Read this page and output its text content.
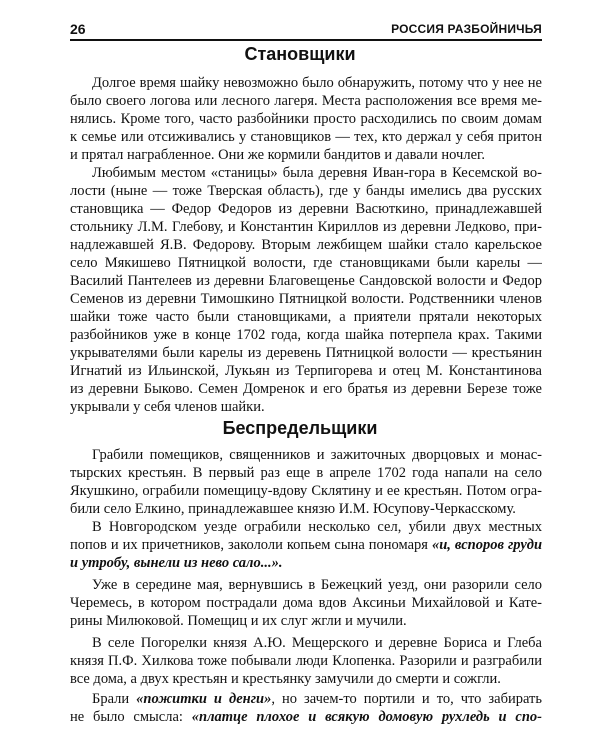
26	РОССИЯ РАЗБОЙНИЧЬЯ
Становщики
Долгое время шайку невозможно было обнаружить, потому что у нее не
было своего логова или лесного лагеря. Места расположения все время ме-
нялись. Кроме того, часто разбойники просто расходились по своим домам
к семье или отсиживались у становщиков — тех, кто держал у себя притон
и прятал награбленное. Они же кормили бандитов и давали ночлег.
Любимым местом «станицы» была деревня Иван-гора в Кесемской во-
лости (ныне — тоже Тверская область), где у банды имелись два русских
становщика — Федор Федоров из деревни Васюткино, принадлежавшей
стольнику Л.М. Глебову, и Константин Кириллов из деревни Ледково, при-
надлежавшей Я.В. Федорову. Вторым лежбищем шайки стало карельское
село Мякишево Пятницкой волости, где становщиками были карелы —
Василий Пантелеев из деревни Благовещенье Сандовской волости и Федор
Семенов из деревни Тимошкино Пятницкой волости. Родственники членов
шайки тоже часто были становщиками, а приятели прятали некоторых
разбойников уже в конце 1702 года, когда шайка потерпела крах. Такими
укрывателями были карелы из деревень Пятницкой волости — крестьянин
Игнатий из Ильинской, Лукьян из Терпигорева и отец М. Константинова
из деревни Быково. Семен Домренок и его братья из деревни Березе тоже
укрывали у себя членов шайки.
Беспредельщики
Грабили помещиков, священников и зажиточных дворцовых и монас-
тырских крестьян. В первый раз еще в апреле 1702 года напали на село
Якушкино, ограбили помещицу-вдову Склятину и ее крестьян. Потом огра-
били село Елкино, принадлежавшее князю И.М. Юсупову-Черкасскому.
В Новгородском уезде ограбили несколько сел, убили двух местных
попов и их причетников, закололи копьем сына пономаря «и, вспоров груди
и утробу, вынели из нево сало...».
Уже в середине мая, вернувшись в Бежецкий уезд, они разорили село
Черемесь, в котором пострадали дома вдов Аксиньи Михайловой и Кате-
рины Милюковой. Помещиц и их слуг жгли и мучили.
В селе Погорелки князя А.Ю. Мещерского и деревне Бориса и Глеба
князя П.Ф. Хилкова тоже побывали люди Клопенка. Разорили и разграбили
все дома, а двух крестьян и крестьянку замучили до смерти и сожгли.
Брали «пожитки и денги», но зачем-то портили и то, что забирать
не было смысла: «платце плохое и всякую домовую рухледь и спо-
